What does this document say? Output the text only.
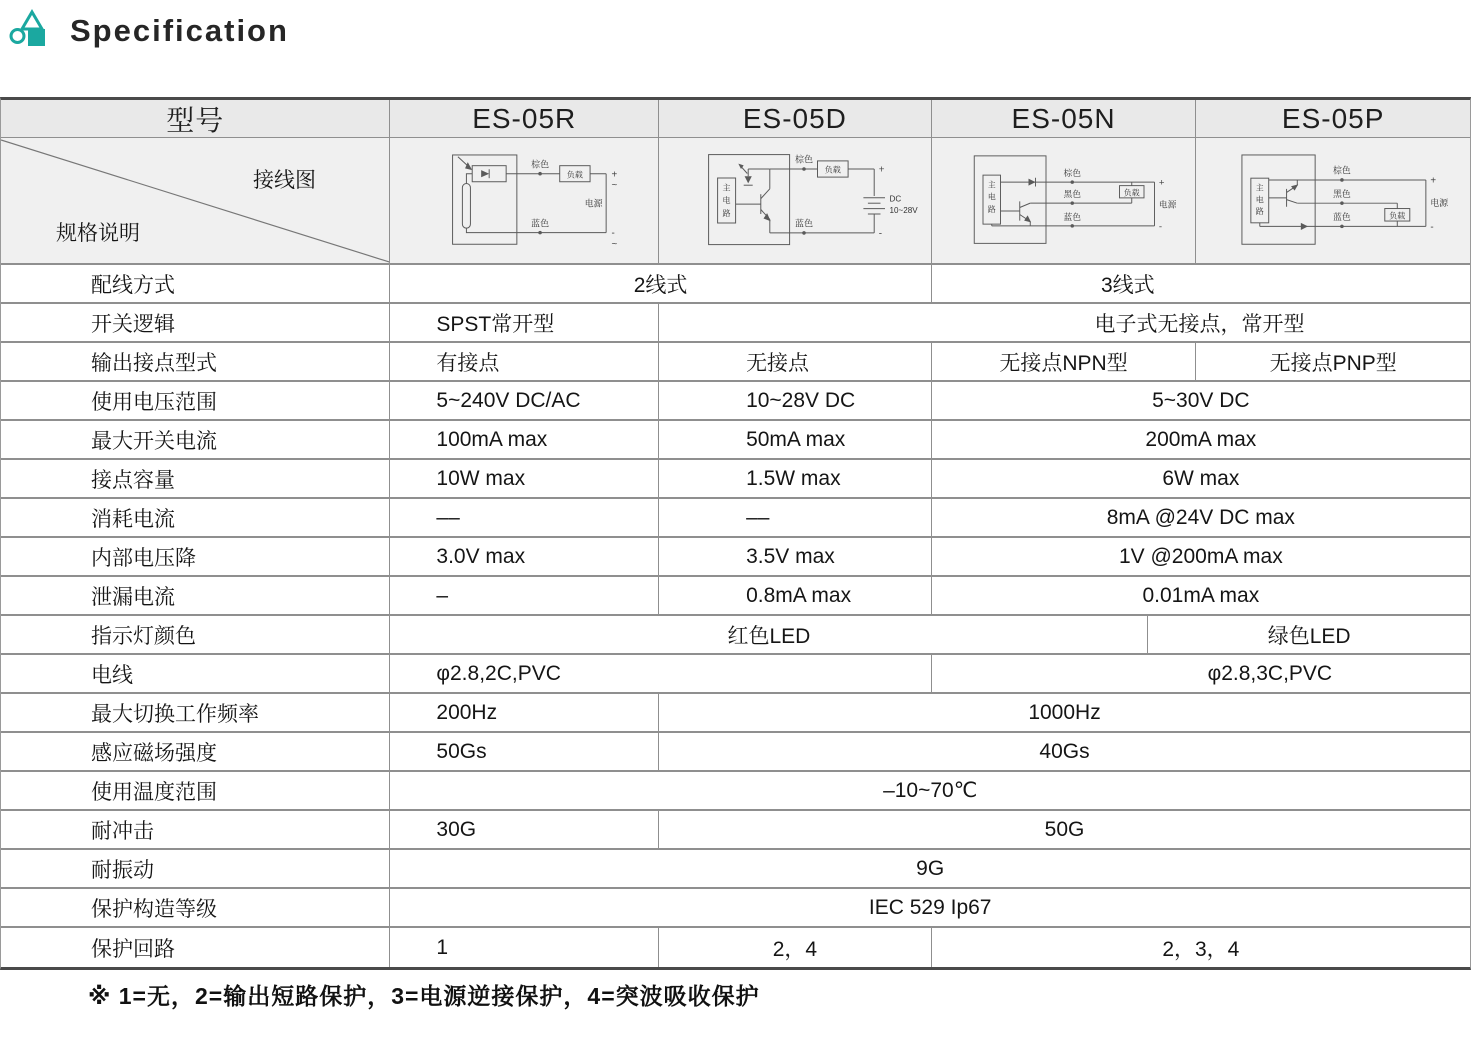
Specification
型号	ES-05R	ES-05D	ES-05N	ES-05P
接线图
规格说明
棕色
负载	+
~
电源
蓝色
-
~
主
电
路
棕色
负载	+
DC
10~28V
蓝色
-
主
电
路
棕色
黑色	负载
蓝色
+
电源
-
主
电
路
棕色
黑色
负载
蓝色
+
电源
-
配线方式	2线式	3线式
开关逻辑	SPST常开型	电子式无接点，常开型
输出接点型式	有接点	无接点	无接点NPN型	无接点PNP型
使用电压范围	5~240V DC/AC	10~28V DC	5~30V DC
最大开关电流	100mA max	50mA max	200mA max
接点容量	10W max	1.5W max	6W max
消耗电流	––	––	8mA @24V DC max
内部电压降	3.0V max	3.5V max	1V @200mA max
泄漏电流	–	0.8mA max	0.01mA max
指示灯颜色	红色LED	绿色LED
电线	φ2.8,2C,PVC	φ2.8,3C,PVC
最大切换工作频率	200Hz	1000Hz
感应磁场强度	50Gs	40Gs
使用温度范围	–10~70℃
耐冲击	30G	50G
耐振动	9G
保护构造等级	IEC 529 Ip67
保护回路	1	2，4	2，3，4

※ 1=无，2=输出短路保护，3=电源逆接保护，4=突波吸收保护
